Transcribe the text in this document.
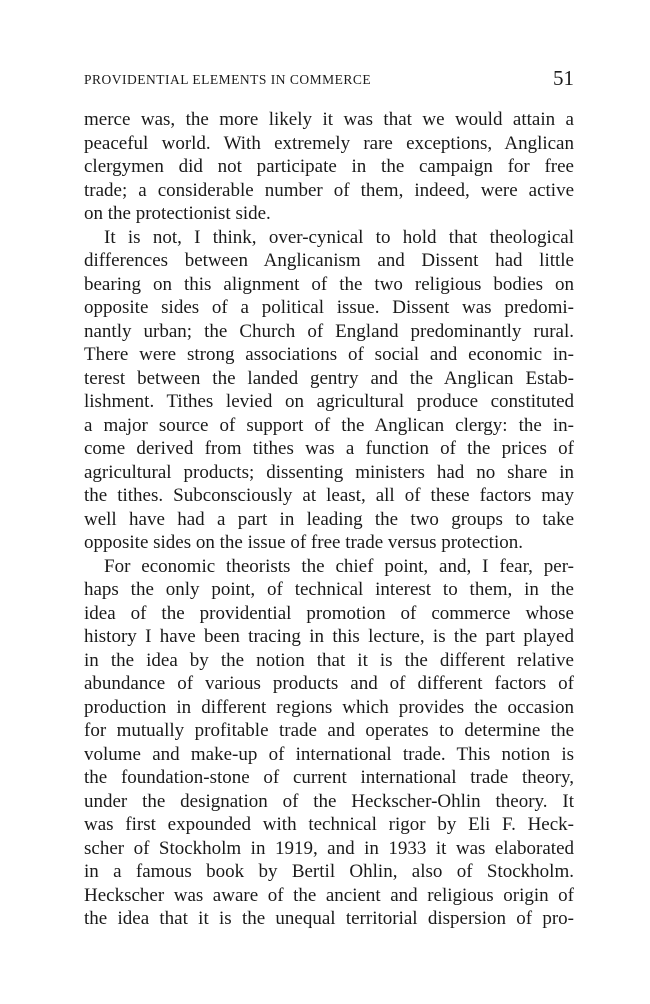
PROVIDENTIAL ELEMENTS IN COMMERCE	51
merce was, the more likely it was that we would attain a
peaceful world. With extremely rare exceptions, Anglican
clergymen did not participate in the campaign for free
trade; a considerable number of them, indeed, were active
on the protectionist side.
It is not, I think, over-cynical to hold that theological
differences between Anglicanism and Dissent had little
bearing on this alignment of the two religious bodies on
opposite sides of a political issue. Dissent was predomi-
nantly urban; the Church of England predominantly rural.
There were strong associations of social and economic in-
terest between the landed gentry and the Anglican Estab-
lishment. Tithes levied on agricultural produce constituted
a major source of support of the Anglican clergy: the in-
come derived from tithes was a function of the prices of
agricultural products; dissenting ministers had no share in
the tithes. Subconsciously at least, all of these factors may
well have had a part in leading the two groups to take
opposite sides on the issue of free trade versus protection.
For economic theorists the chief point, and, I fear, per-
haps the only point, of technical interest to them, in the
idea of the providential promotion of commerce whose
history I have been tracing in this lecture, is the part played
in the idea by the notion that it is the different relative
abundance of various products and of different factors of
production in different regions which provides the occasion
for mutually profitable trade and operates to determine the
volume and make-up of international trade. This notion is
the foundation-stone of current international trade theory,
under the designation of the Heckscher-Ohlin theory. It
was first expounded with technical rigor by Eli F. Heck-
scher of Stockholm in 1919, and in 1933 it was elaborated
in a famous book by Bertil Ohlin, also of Stockholm.
Heckscher was aware of the ancient and religious origin of
the idea that it is the unequal territorial dispersion of pro-
